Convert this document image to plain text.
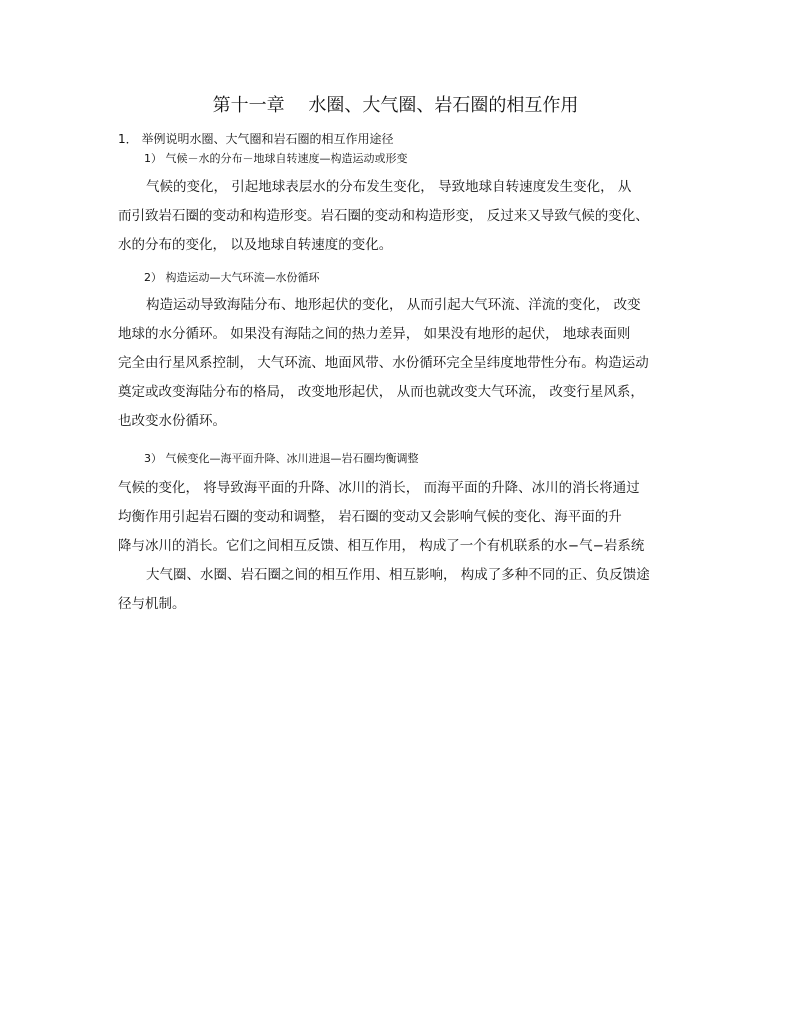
第十一章　 水圈、大气圈、岩石圈的相互作用
1． 举例说明水圈、大气圈和岩石圈的相互作用途径
1） 气候－水的分布－地球自转速度—构造运动或形变
气候的变化， 引起地球表层水的分布发生变化， 导致地球自转速度发生变化， 从
而引致岩石圈的变动和构造形变。岩石圈的变动和构造形变， 反过来又导致气候的变化、
水的分布的变化， 以及地球自转速度的变化。
2） 构造运动—大气环流—水份循环
构造运动导致海陆分布、地形起伏的变化， 从而引起大气环流、洋流的变化， 改变
地球的水分循环。 如果没有海陆之间的热力差异， 如果没有地形的起伏， 地球表面则
完全由行星风系控制， 大气环流、地面风带、水份循环完全呈纬度地带性分布。构造运动
奠定或改变海陆分布的格局， 改变地形起伏， 从而也就改变大气环流， 改变行星风系，
也改变水份循环。
3） 气候变化—海平面升降、冰川进退—岩石圈均衡调整
气候的变化， 将导致海平面的升降、冰川的消长， 而海平面的升降、冰川的消长将通过
均衡作用引起岩石圈的变动和调整， 岩石圈的变动又会影响气候的变化、海平面的升
降与冰川的消长。它们之间相互反馈、相互作用， 构成了一个有机联系的水−气−岩系统
大气圈、水圈、岩石圈之间的相互作用、相互影响， 构成了多种不同的正、负反馈途
径与机制。
